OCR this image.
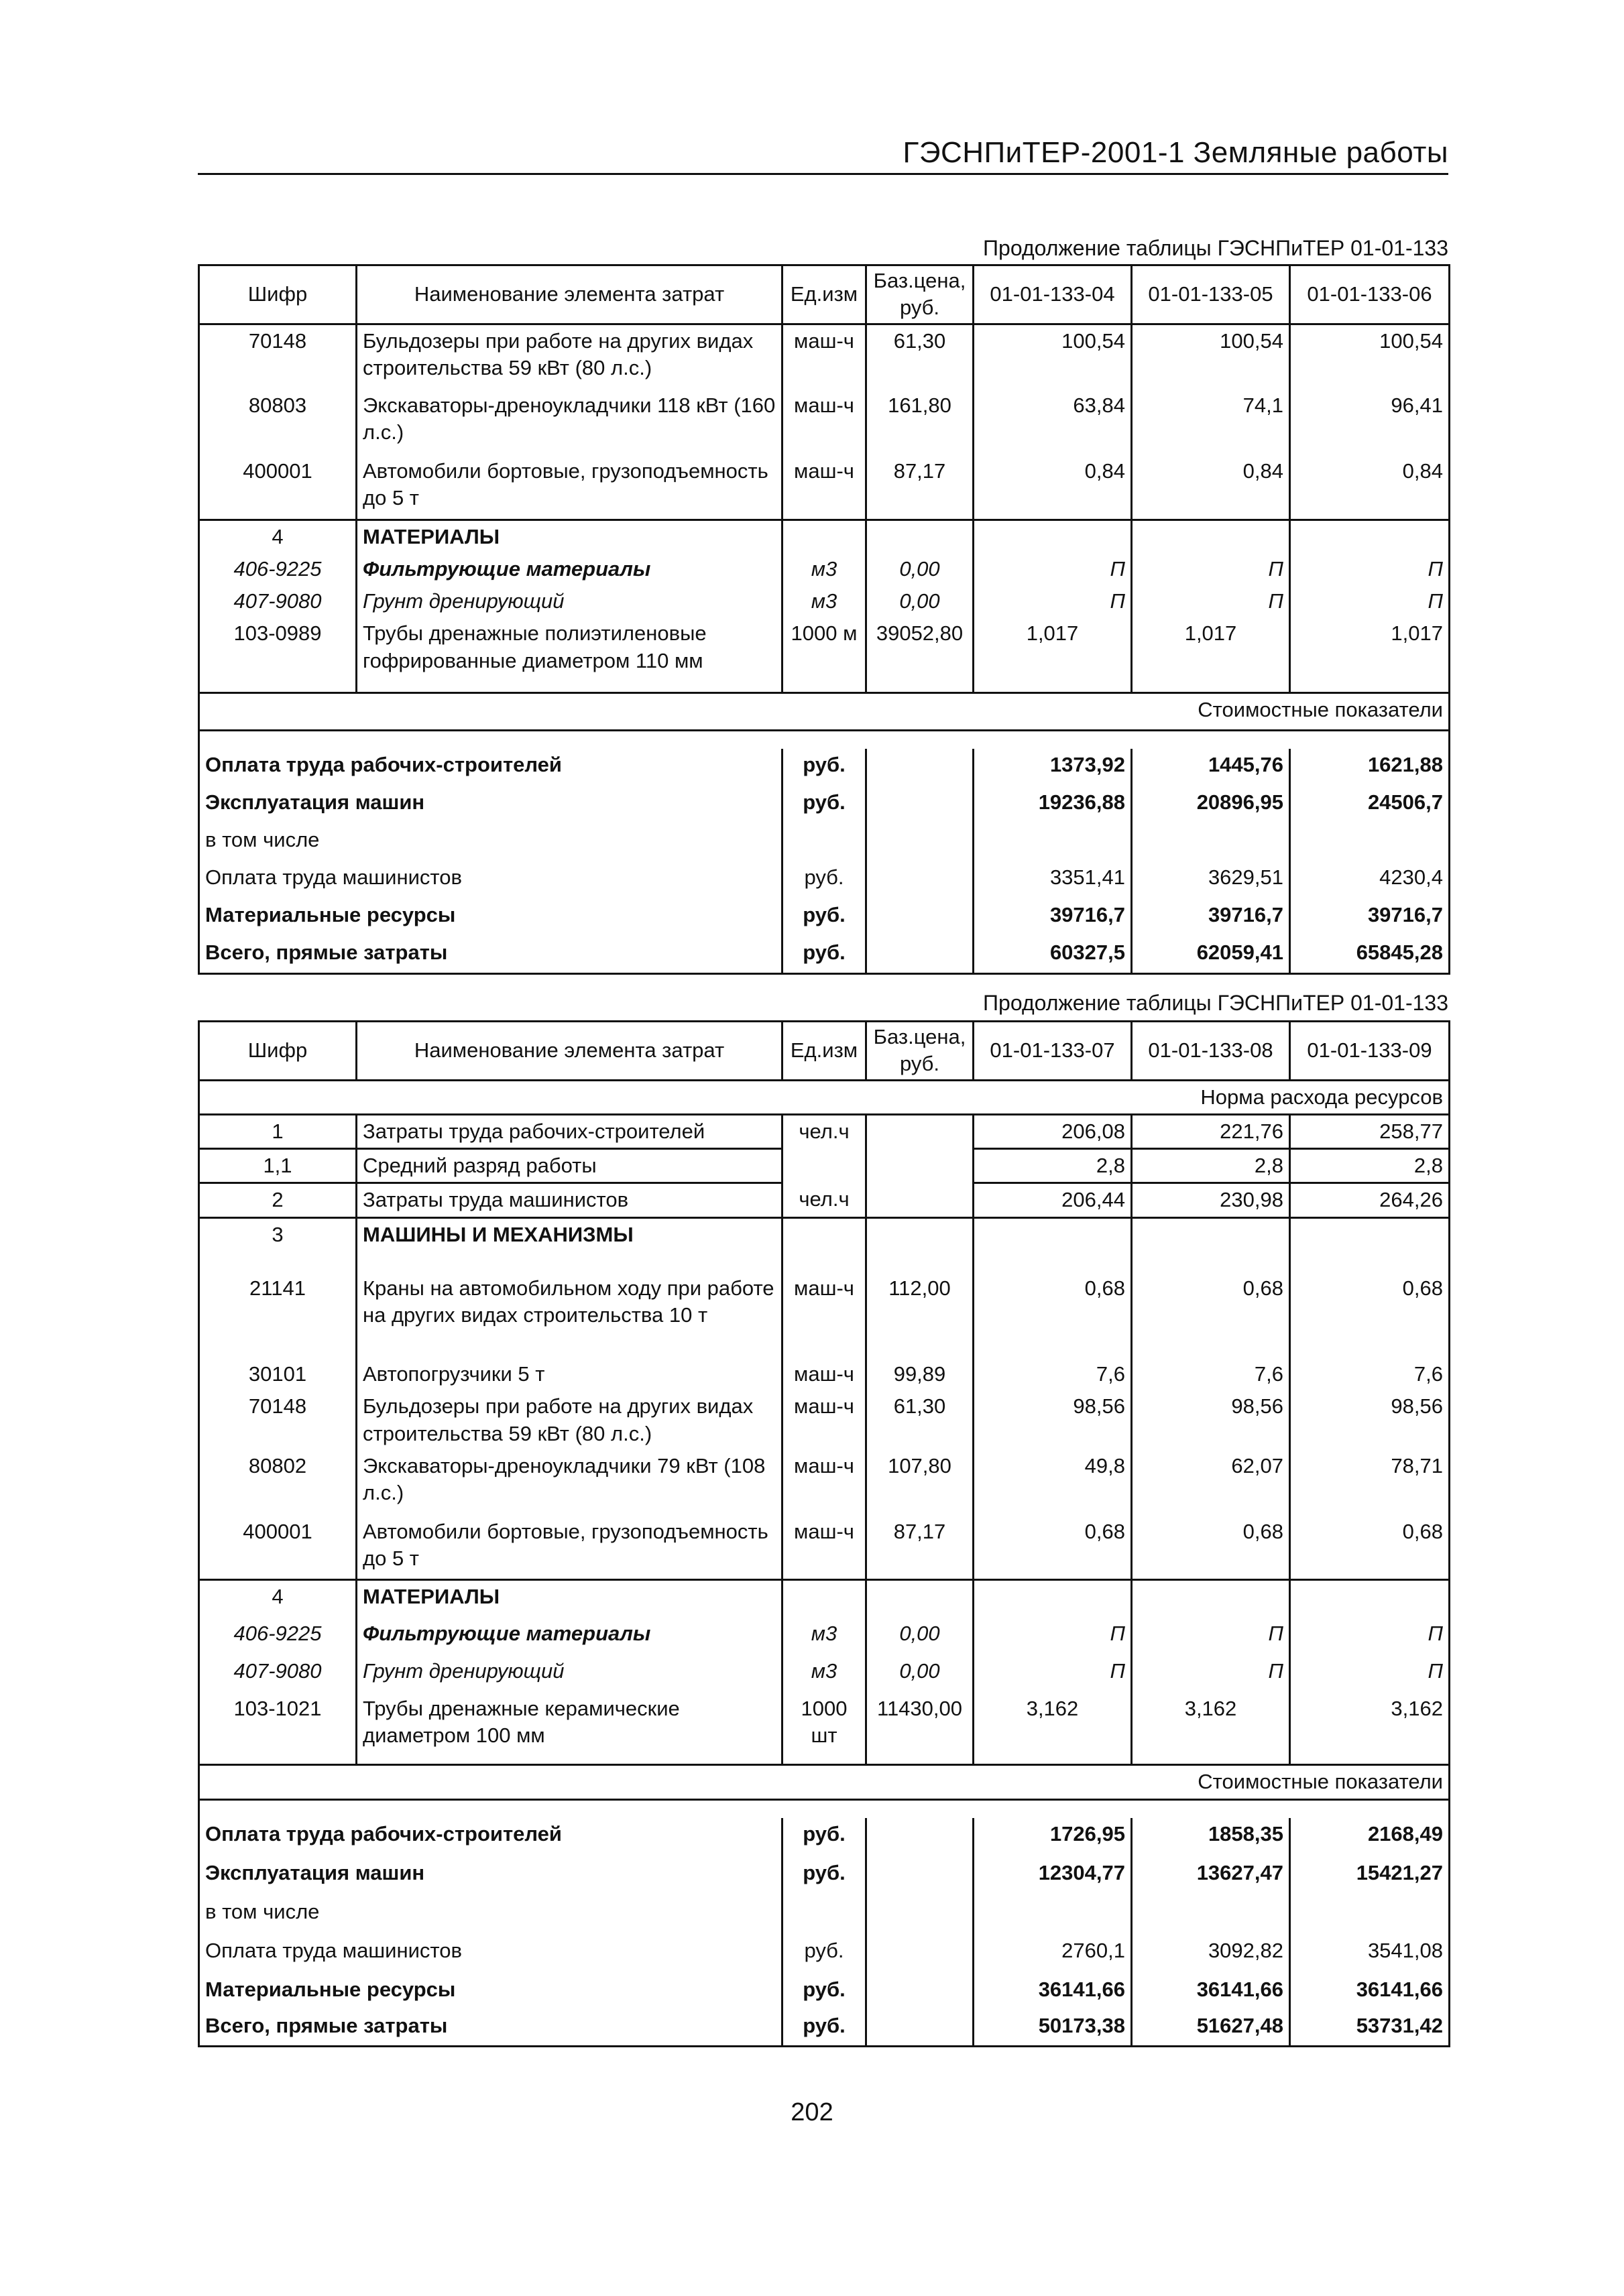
ГЭСНПиТЕР-2001-1 Земляные работы
Продолжение таблицы ГЭСНПиТЕР 01-01-133
Шифр	Наименование элемента затрат	Ед.изм	Баз.цена, руб.	01-01-133-04	01-01-133-05	01-01-133-06
70148	Бульдозеры при работе на других видах строительства 59 кВт (80 л.с.)	маш-ч	61,30	100,54	100,54	100,54
80803	Экскаваторы-дреноукладчики 118 кВт (160 л.с.)	маш-ч	161,80	63,84	74,1	96,41
400001	Автомобили бортовые, грузоподъемность до 5 т	маш-ч	87,17	0,84	0,84	0,84
4	МАТЕРИАЛЫ					
406-9225	Фильтрующие материалы	м3	0,00	П	П	П
407-9080	Грунт дренирующий	м3	0,00	П	П	П
103-0989	Трубы дренажные полиэтиленовые гофрированные диаметром 110 мм	1000 м	39052,80	1,017	1,017	1,017
Стоимостные показатели						

Оплата труда рабочих-строителей		руб.		1373,92	1445,76	1621,88
Эксплуатация машин		руб.		19236,88	20896,95	24506,7
в том числе						
Оплата труда машинистов		руб.		3351,41	3629,51	4230,4
Материальные ресурсы		руб.		39716,7	39716,7	39716,7
Всего, прямые затраты		руб.		60327,5	62059,41	65845,28
Продолжение таблицы ГЭСНПиТЕР 01-01-133
Шифр	Наименование элемента затрат	Ед.изм	Баз.цена, руб.	01-01-133-07	01-01-133-08	01-01-133-09
Норма расхода ресурсов						
1	Затраты труда рабочих-строителей	чел.ч		206,08	221,76	258,77
1,1	Средний разряд работы			2,8	2,8	2,8
2	Затраты труда машинистов	чел.ч		206,44	230,98	264,26
3	МАШИНЫ И МЕХАНИЗМЫ					
21141	Краны на автомобильном ходу при работе на других видах строительства 10 т	маш-ч	112,00	0,68	0,68	0,68
30101	Автопогрузчики 5 т	маш-ч	99,89	7,6	7,6	7,6
70148	Бульдозеры при работе на других видах строительства 59 кВт (80 л.с.)	маш-ч	61,30	98,56	98,56	98,56
80802	Экскаваторы-дреноукладчики 79 кВт (108 л.с.)	маш-ч	107,80	49,8	62,07	78,71
400001	Автомобили бортовые, грузоподъемность до 5 т	маш-ч	87,17	0,68	0,68	0,68
4	МАТЕРИАЛЫ					
406-9225	Фильтрующие материалы	м3	0,00	П	П	П
407-9080	Грунт дренирующий	м3	0,00	П	П	П
103-1021	Трубы дренажные керамические диаметром 100 мм	1000 шт	11430,00	3,162	3,162	3,162
Стоимостные показатели						

Оплата труда рабочих-строителей		руб.		1726,95	1858,35	2168,49
Эксплуатация машин		руб.		12304,77	13627,47	15421,27
в том числе						
Оплата труда машинистов		руб.		2760,1	3092,82	3541,08
Материальные ресурсы		руб.		36141,66	36141,66	36141,66
Всего, прямые затраты		руб.		50173,38	51627,48	53731,42
202
